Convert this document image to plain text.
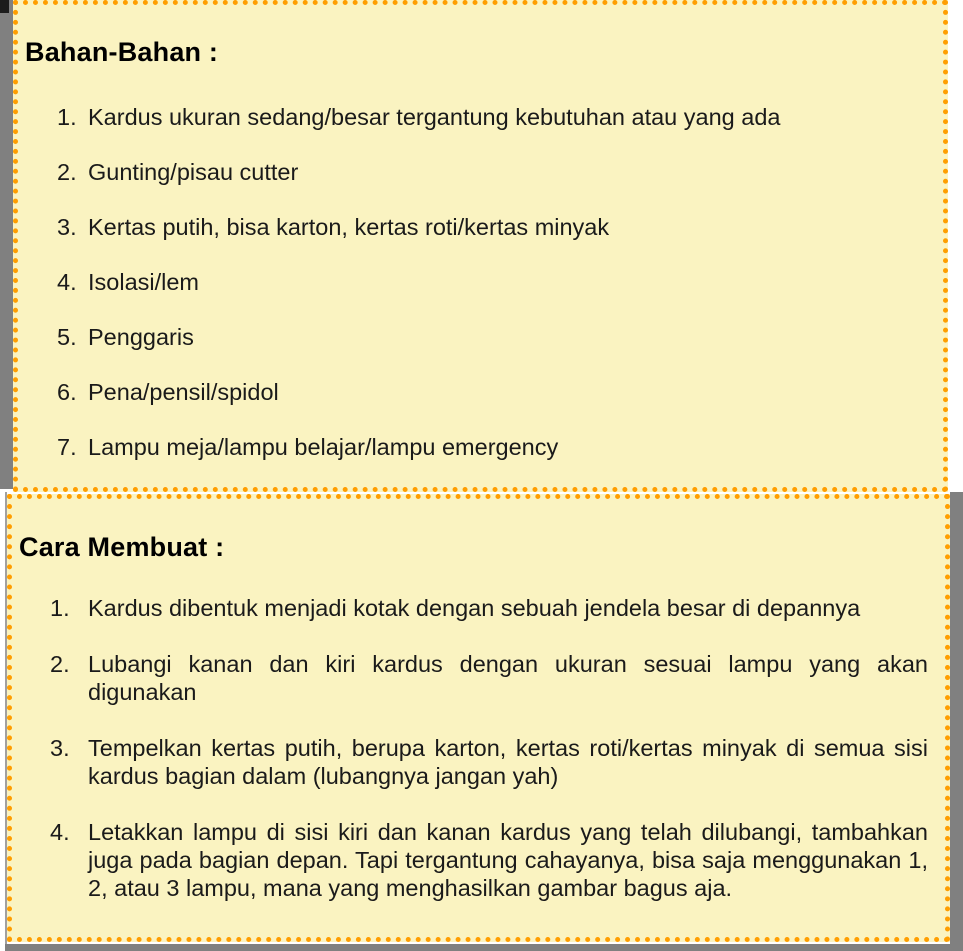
Bahan-Bahan :
1. Kardus ukuran sedang/besar tergantung kebutuhan atau yang ada
2. Gunting/pisau cutter
3. Kertas putih, bisa karton, kertas roti/kertas minyak
4. Isolasi/lem
5. Penggaris
6. Pena/pensil/spidol
7. Lampu meja/lampu belajar/lampu emergency
Cara Membuat :
1. Kardus dibentuk menjadi kotak dengan sebuah jendela besar di depannya
2. Lubangi kanan dan kiri kardus dengan ukuran sesuai lampu yang akan digunakan
3. Tempelkan kertas putih, berupa karton, kertas roti/kertas minyak di semua sisi kardus bagian dalam (lubangnya jangan yah)
4. Letakkan lampu di sisi kiri dan kanan kardus yang telah dilubangi, tambahkan juga pada bagian depan. Tapi tergantung cahayanya, bisa saja menggunakan 1, 2, atau 3 lampu, mana yang menghasilkan gambar bagus aja.
